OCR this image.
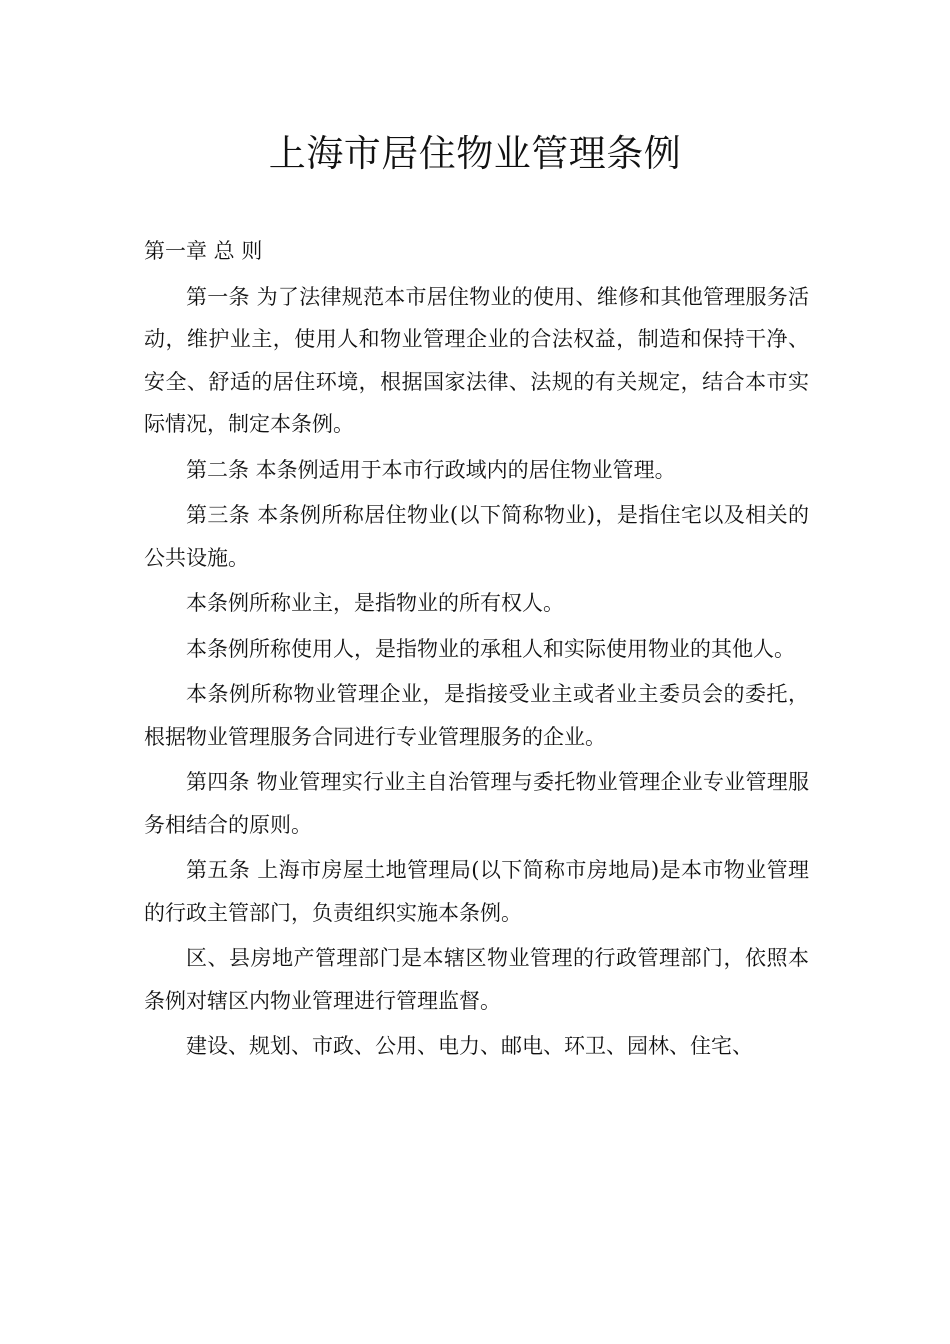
上海市居住物业管理条例

第一章 总 则

第一条 为了法律规范本市居住物业的使用、维修和其他管理服务活动，维护业主，使用人和物业管理企业的合法权益，制造和保持干净、安全、舒适的居住环境，根据国家法律、法规的有关规定，结合本市实际情况，制定本条例。

第二条 本条例适用于本市行政域内的居住物业管理。

第三条 本条例所称居住物业(以下简称物业)，是指住宅以及相关的公共设施。

本条例所称业主，是指物业的所有权人。

本条例所称使用人，是指物业的承租人和实际使用物业的其他人。

本条例所称物业管理企业，是指接受业主或者业主委员会的委托，根据物业管理服务合同进行专业管理服务的企业。

第四条 物业管理实行业主自治管理与委托物业管理企业专业管理服务相结合的原则。

第五条 上海市房屋土地管理局(以下简称市房地局)是本市物业管理的行政主管部门，负责组织实施本条例。

区、县房地产管理部门是本辖区物业管理的行政管理部门，依照本条例对辖区内物业管理进行管理监督。

建设、规划、市政、公用、电力、邮电、环卫、园林、住宅、
